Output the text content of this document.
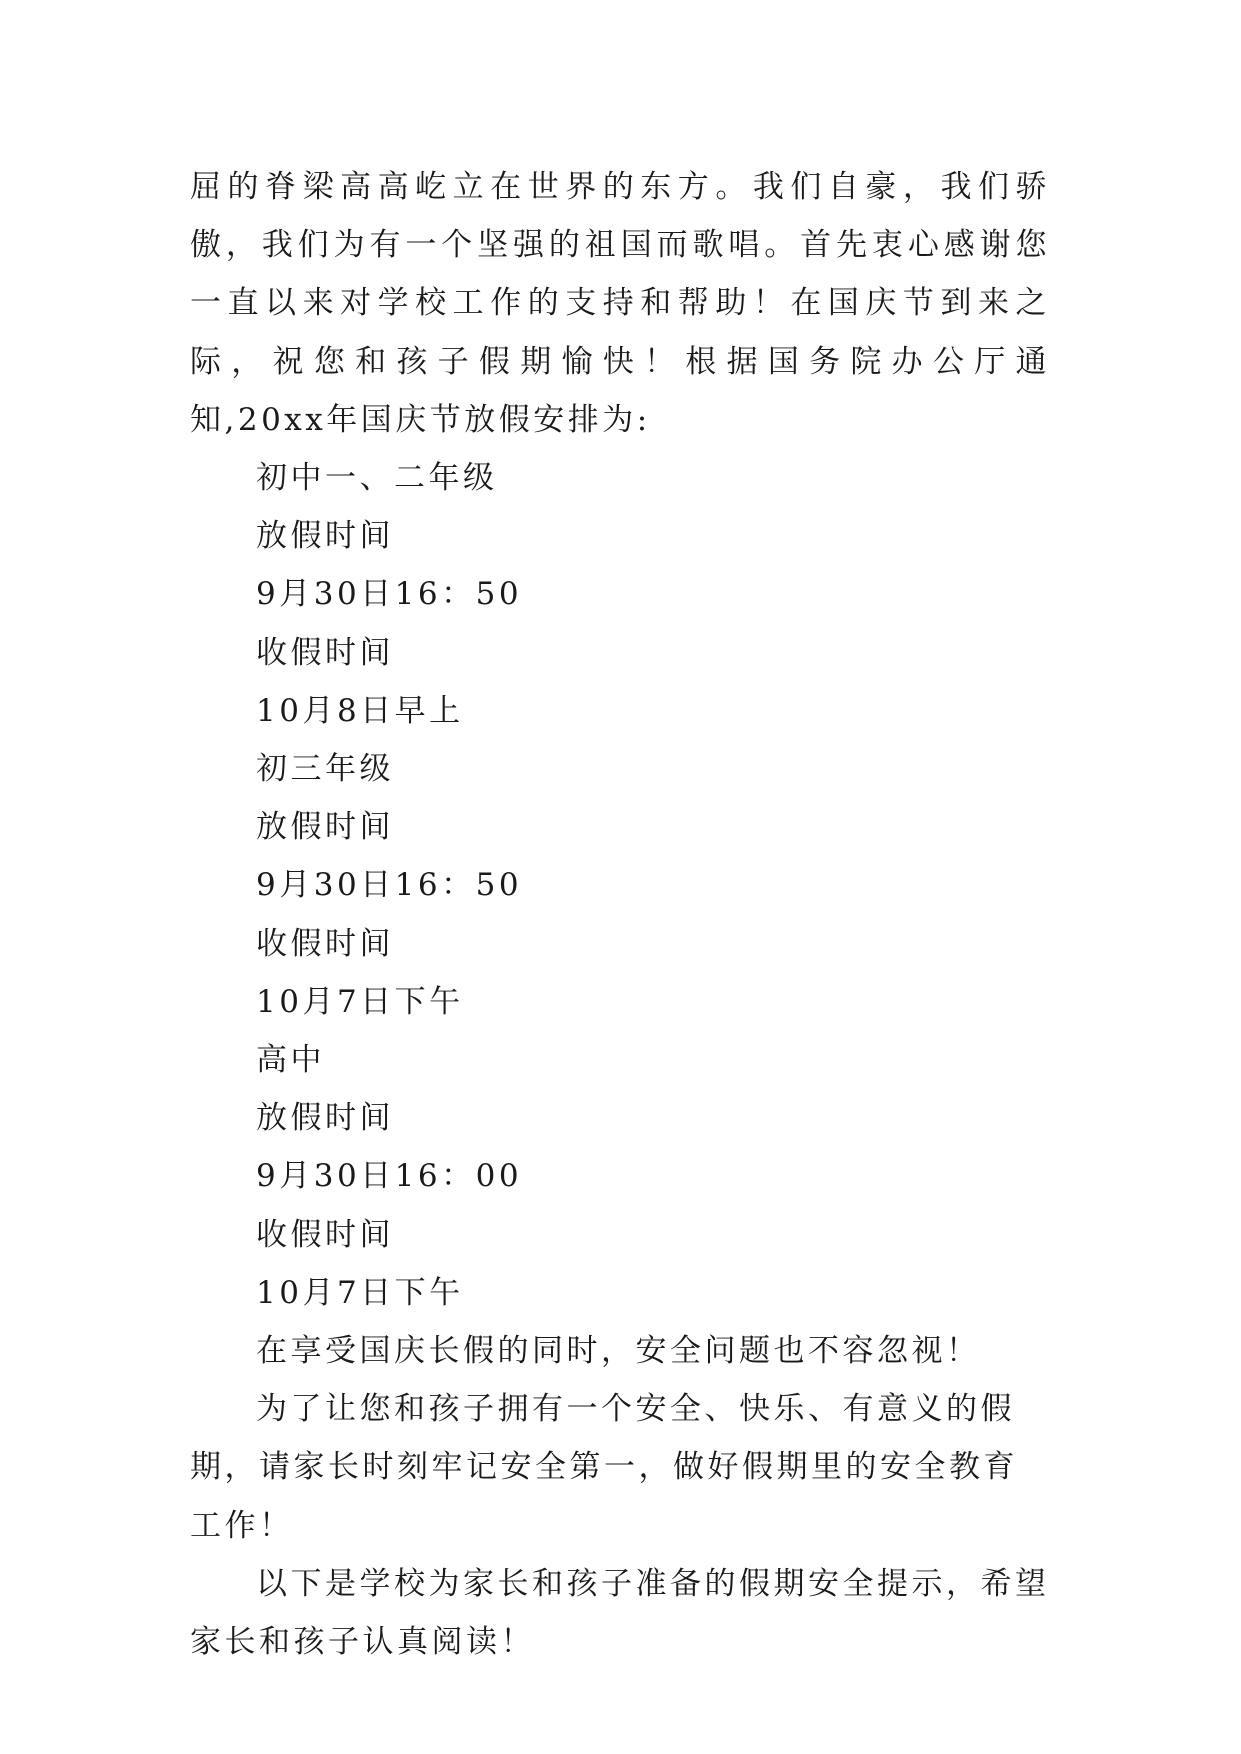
屈的脊梁高高屹立在世界的东方。我们自豪，我们骄傲，我们为有一个坚强的祖国而歌唱。首先衷心感谢您一直以来对学校工作的支持和帮助！在国庆节到来之际，祝您和孩子假期愉快！根据国务院办公厅通知,20xx年国庆节放假安排为:

初中一、二年级

放假时间

9月30日16：50

收假时间

10月8日早上

初三年级

放假时间

9月30日16：50

收假时间

10月7日下午

高中

放假时间

9月30日16：00

收假时间

10月7日下午

在享受国庆长假的同时，安全问题也不容忽视！

为了让您和孩子拥有一个安全、快乐、有意义的假期，请家长时刻牢记安全第一，做好假期里的安全教育工作！

以下是学校为家长和孩子准备的假期安全提示，希望家长和孩子认真阅读！
